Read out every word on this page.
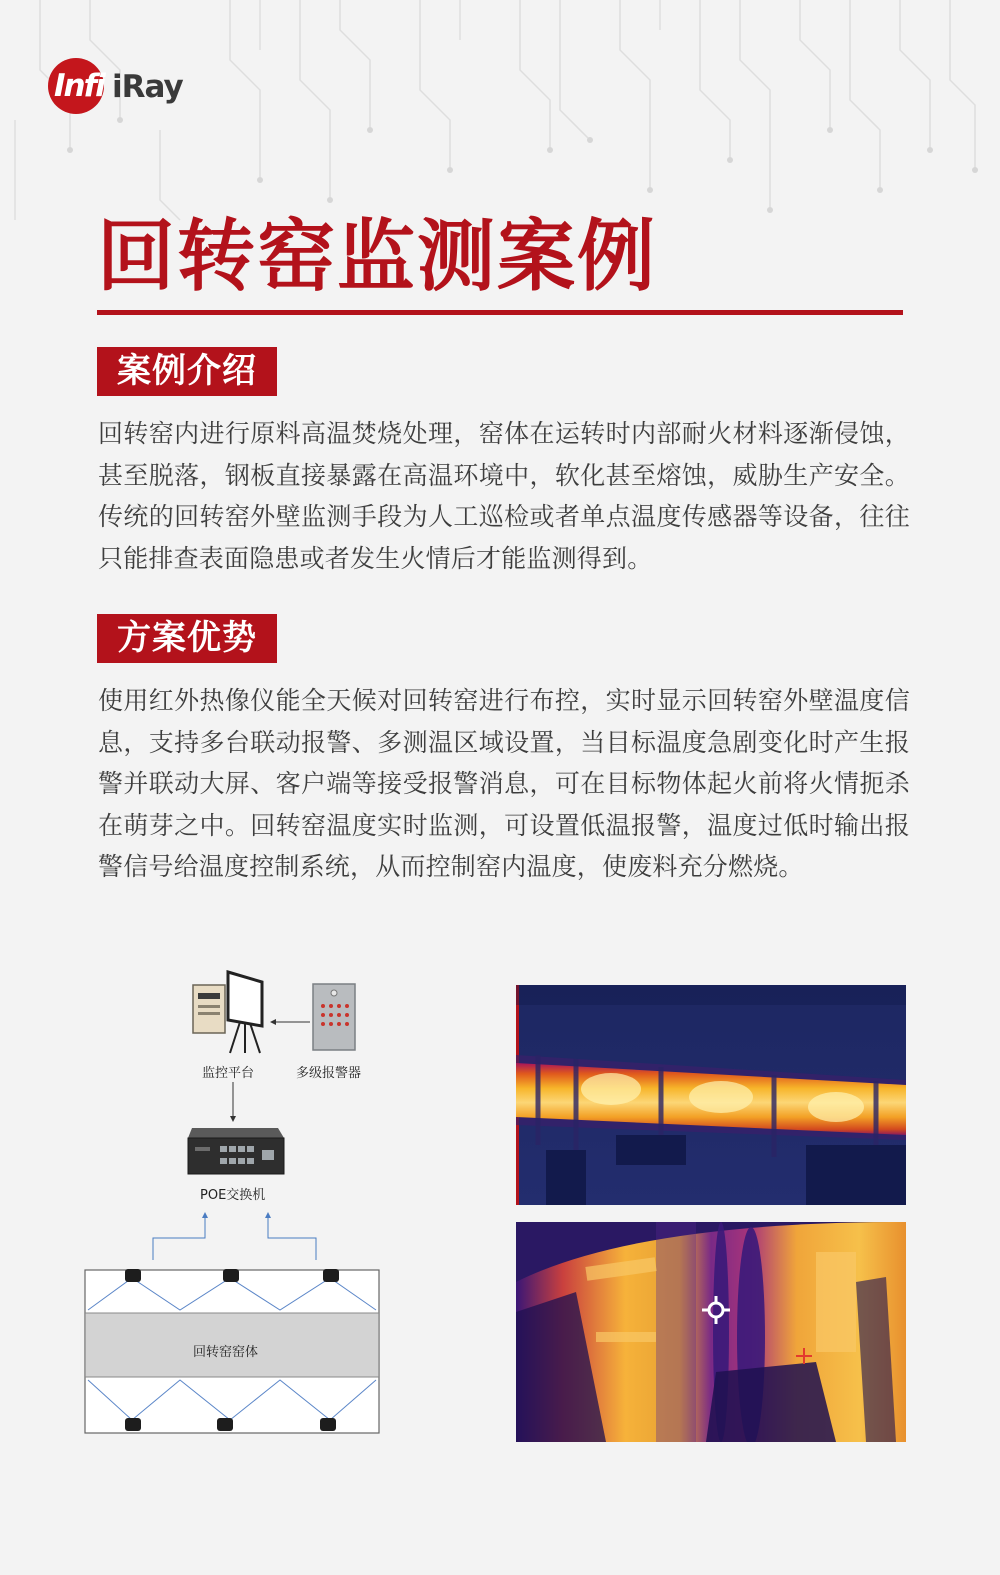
Infi iRay
回转窑监测案例
案例介绍
回转窑内进行原料高温焚烧处理，窑体在运转时内部耐火材料逐渐侵蚀，甚至脱落，钢板直接暴露在高温环境中，软化甚至熔蚀，威胁生产安全。传统的回转窑外壁监测手段为人工巡检或者单点温度传感器等设备，往往只能排查表面隐患或者发生火情后才能监测得到。
方案优势
使用红外热像仪能全天候对回转窑进行布控，实时显示回转窑外壁温度信息，支持多台联动报警、多测温区域设置，当目标温度急剧变化时产生报警并联动大屏、客户端等接受报警消息，可在目标物体起火前将火情扼杀在萌芽之中。回转窑温度实时监测，可设置低温报警，温度过低时输出报警信号给温度控制系统，从而控制窑内温度，使废料充分燃烧。
监控平台	多级报警器
POE交换机
回转窑窑体
